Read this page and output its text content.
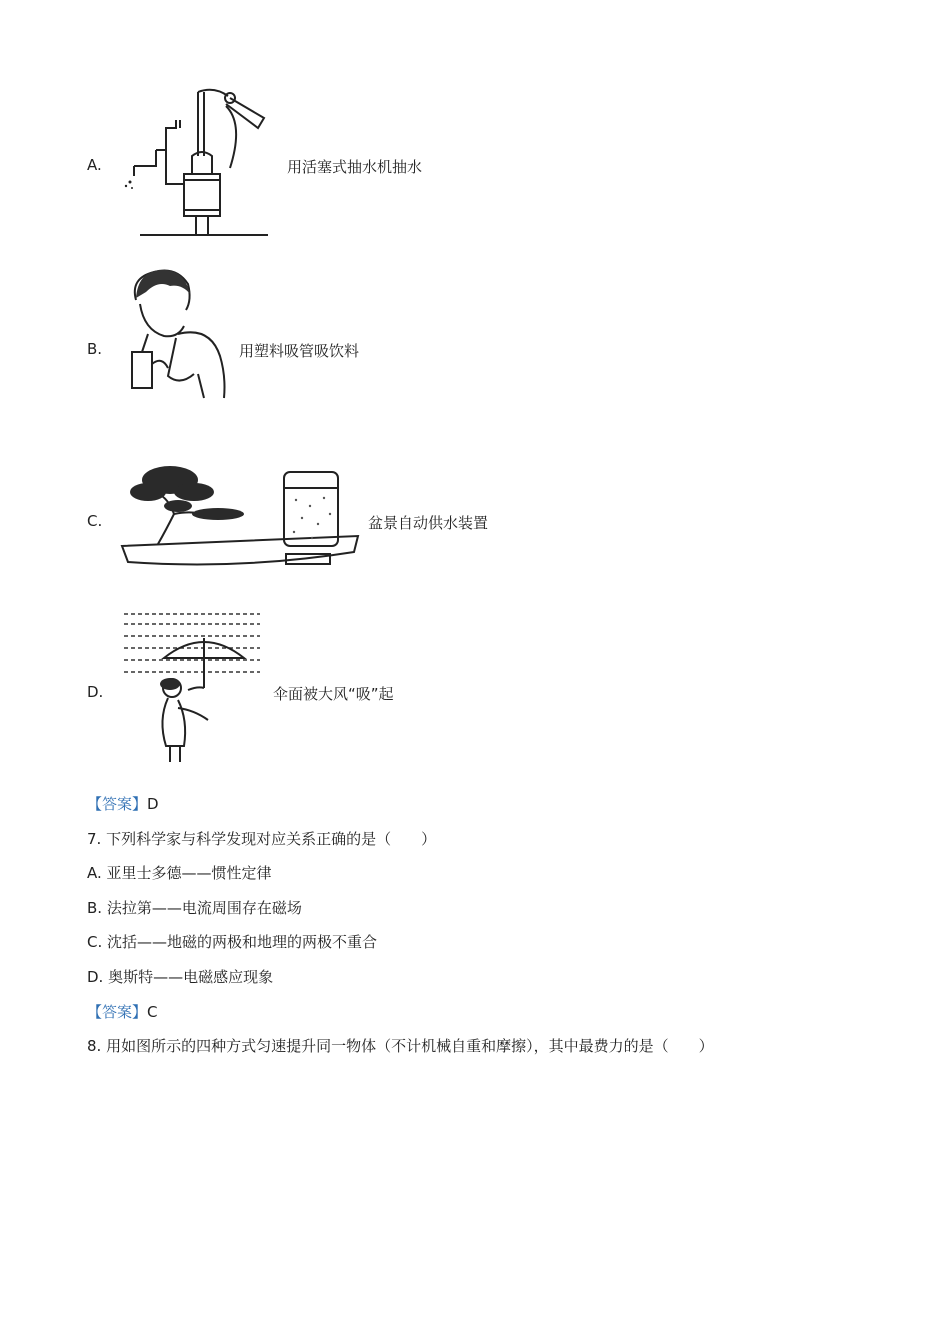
A.	用活塞式抽水机抽水
B.	用塑料吸管吸饮料
C.	盆景自动供水装置
D.	伞面被大风“吸”起
【答案】D
7. 下列科学家与科学发现对应关系正确的是（　　）
A. 亚里士多德——惯性定律
B. 法拉第——电流周围存在磁场
C. 沈括——地磁的两极和地理的两极不重合
D. 奥斯特——电磁感应现象
【答案】C
8. 用如图所示的四种方式匀速提升同一物体（不计机械自重和摩擦），其中最费力的是（　　）
